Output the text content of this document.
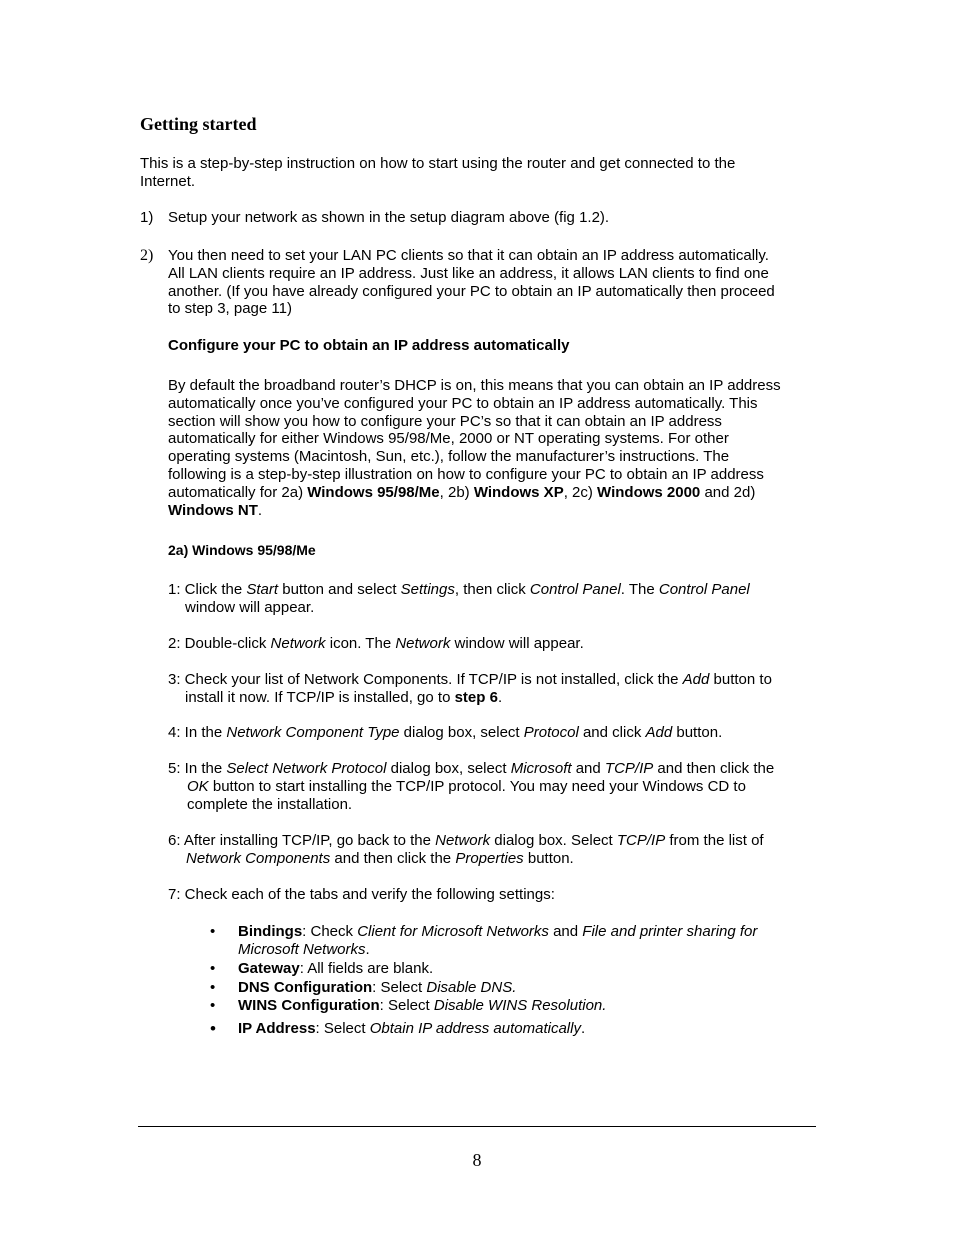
Getting started
This is a step-by-step instruction on how to start using the router and get connected to the
Internet.
1) Setup your network as shown in the setup diagram above (fig 1.2).
2) You then need to set your LAN PC clients so that it can obtain an IP address automatically.
All LAN clients require an IP address. Just like an address, it allows LAN clients to find one
another. (If you have already configured your PC to obtain an IP automatically then proceed
to step 3, page 11)
Configure your PC to obtain an IP address automatically
By default the broadband router’s DHCP is on, this means that you can obtain an IP address
automatically once you’ve configured your PC to obtain an IP address automatically. This
section will show you how to configure your PC’s so that it can obtain an IP address
automatically for either Windows 95/98/Me, 2000 or NT operating systems. For other
operating systems (Macintosh, Sun, etc.), follow the manufacturer’s instructions. The
following is a step-by-step illustration on how to configure your PC to obtain an IP address
automatically for 2a) Windows 95/98/Me, 2b) Windows XP, 2c) Windows 2000 and 2d)
Windows NT.
2a) Windows 95/98/Me
1: Click the Start button and select Settings, then click Control Panel. The Control Panel
window will appear.
2: Double-click Network icon. The Network window will appear.
3: Check your list of Network Components. If TCP/IP is not installed, click the Add button to
install it now. If TCP/IP is installed, go to step 6.
4: In the Network Component Type dialog box, select Protocol and click Add button.
5: In the Select Network Protocol dialog box, select Microsoft and TCP/IP and then click the
OK button to start installing the TCP/IP protocol. You may need your Windows CD to
complete the installation.
6: After installing TCP/IP, go back to the Network dialog box. Select TCP/IP from the list of
Network Components and then click the Properties button.
7: Check each of the tabs and verify the following settings:
•	Bindings: Check Client for Microsoft Networks and File and printer sharing for
Microsoft Networks.
•	Gateway: All fields are blank.
•	DNS Configuration: Select Disable DNS.
•	WINS Configuration: Select Disable WINS Resolution.
•	IP Address: Select Obtain IP address automatically.
8
